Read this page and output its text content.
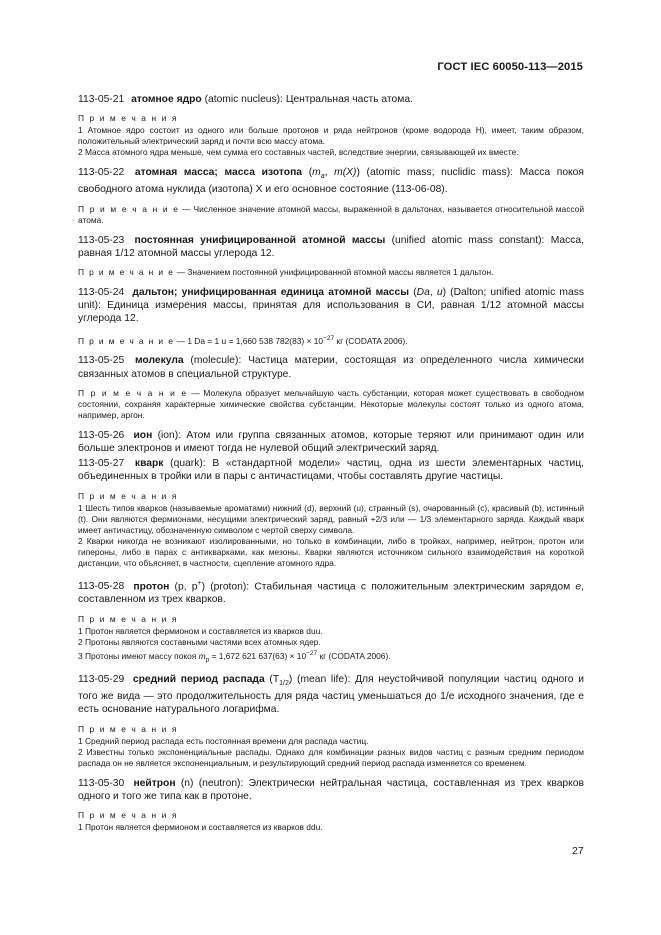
ГОСТ IEC 60050-113—2015

113-05-21 атомное ядро (atomic nucleus): Центральная часть атома.

П р и м е ч а н и я

1 Атомное ядро состоит из одного или больше протонов и ряда нейтронов (кроме водорода H), имеет, таким образом, положительный электрический заряд и почти всю массу атома.

2 Масса атомного ядра меньше, чем сумма его составных частей, вследствие энергии, связывающей их вместе.

113-05-22 атомная масса; масса изотопа ($m_a$, m(X)) (atomic mass; nuclidic mass): Масса покоя свободного атома нуклида (изотопа) X и его основное состояние (113-06-08).

П р и м е ч а н и е — Численное значение атомной массы, выраженной в дальтонах, называется относительной массой атома.

113-05-23 постоянная унифицированной атомной массы (unified atomic mass constant): Масса, равная 1/12 атомной массы углерода 12.

П р и м е ч а н и е — Значением постоянной унифицированной атомной массы является 1 дальтон.

113-05-24 дальтон; унифицированная единица атомной массы (Da, u) (Dalton; unified atomic mass unit): Единица измерения массы, принятая для использования в СИ, равная 1/12 атомной массы углерода 12.

П р и м е ч а н и е — 1 Da = 1 u = 1,660 538 $782(83) \times 10^{-27}$ кг (CODATA 2006).

113-05-25 молекула (molecule): Частица материи, состоящая из определенного числа химически связанных атомов в специальной структуре.

П р и м е ч а н и е — Молекула образует мельчайшую часть субстанции, которая может существовать в свободном состоянии, сохраняя характерные химические свойства субстанции. Некоторые молекулы состоят только из одного атома, например, аргон.

113-05-26 ион (ion): Атом или группа связанных атомов, которые теряют или принимают один или больше электронов и имеют тогда не нулевой общий электрический заряд.

113-05-27 кварк (quark): В «стандартной модели» частиц, одна из шести элементарных частиц, объединенных в тройки или в пары с античастицами, чтобы составлять другие частицы.

П р и м е ч а н и я

1 Шесть типов кварков (называемые ароматами) нижний (d), верхний (u), странный (s), очарованный (c), красивый (b), истинный (t). Они являются фермионами, несущими электрический заряд, равный +2/3 или — 1/3 элементарного заряда. Каждый кварк имеет античастицу, обозначенную символом с чертой сверху символа.

2 Кварки никогда не возникают изолированными, но только в комбинации, либо в тройках, например, нейтрон, протон или гипероны, либо в парах с антикварками, как мезоны. Кварки являются источником сильного взаимодействия на короткой дистанции, что объясняет, в частности, сцепление атомного ядра.

113-05-28 протон (p, p+) (proton): Стабильная частица с положительным электрическим зарядом e, составленном из трех кварков.

П р и м е ч а н и я

1 Протон является фермионом и составляется из кварков duu.

2 Протоны являются составными частями всех атомных ядер.

3 Протоны имеют массу покоя $m_p = 1,672$ 621 $637(63) \times 10^{-27}$ кг (CODATA 2006).

113-05-29 средний период распада $(T_{1/2})$ (mean life): Для неустойчивой популяции частиц одного и того же вида — это продолжительность для ряда частиц уменьшаться до 1/e исходного значения, где e есть основание натурального логарифма.

П р и м е ч а н и я

1 Средний период распада есть постоянная времени для распада частиц.

2 Известны только экспоненциальные распады. Однако для комбинации разных видов частиц с разным средним периодом распада он не является экспоненциальным, и результирующий средний период распада изменяется со временем.

113-05-30 нейтрон (n) (neutron): Электрически нейтральная частица, составленная из трех кварков одного и того же типа как в протоне.

П р и м е ч а н и я

1 Протон является фермионом и составляется из кварков ddu.

27
